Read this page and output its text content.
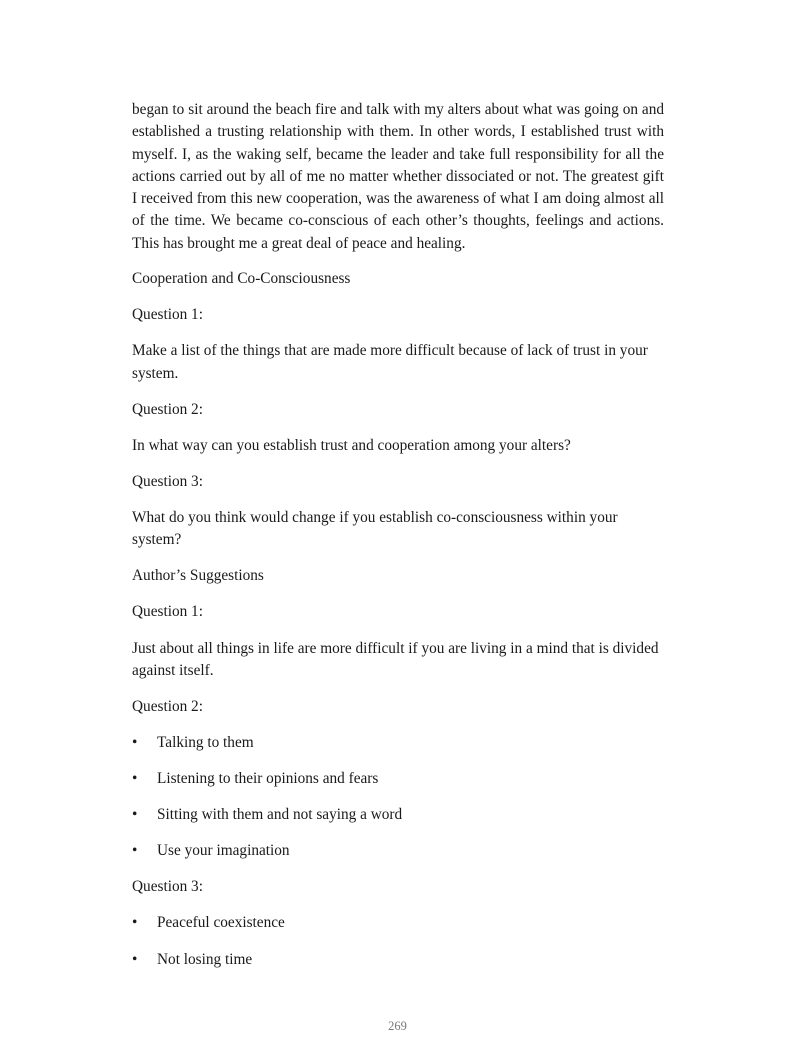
began to sit around the beach fire and talk with my alters about what was going on and established a trusting relationship with them. In other words, I established trust with myself. I, as the waking self, became the leader and take full responsibility for all the actions carried out by all of me no matter whether dissociated or not. The greatest gift I received from this new cooperation, was the awareness of what I am doing almost all of the time. We became co-conscious of each other’s thoughts, feelings and actions. This has brought me a great deal of peace and healing.

Cooperation and Co-Consciousness

Question 1:

Make a list of the things that are made more difficult because of lack of trust in your system.

Question 2:

In what way can you establish trust and cooperation among your alters?

Question 3:

What do you think would change if you establish co-consciousness within your system?

Author’s Suggestions

Question 1:

Just about all things in life are more difficult if you are living in a mind that is divided against itself.

Question 2:

• Talking to them
• Listening to their opinions and fears
• Sitting with them and not saying a word
• Use your imagination

Question 3:

• Peaceful coexistence
• Not losing time
269
